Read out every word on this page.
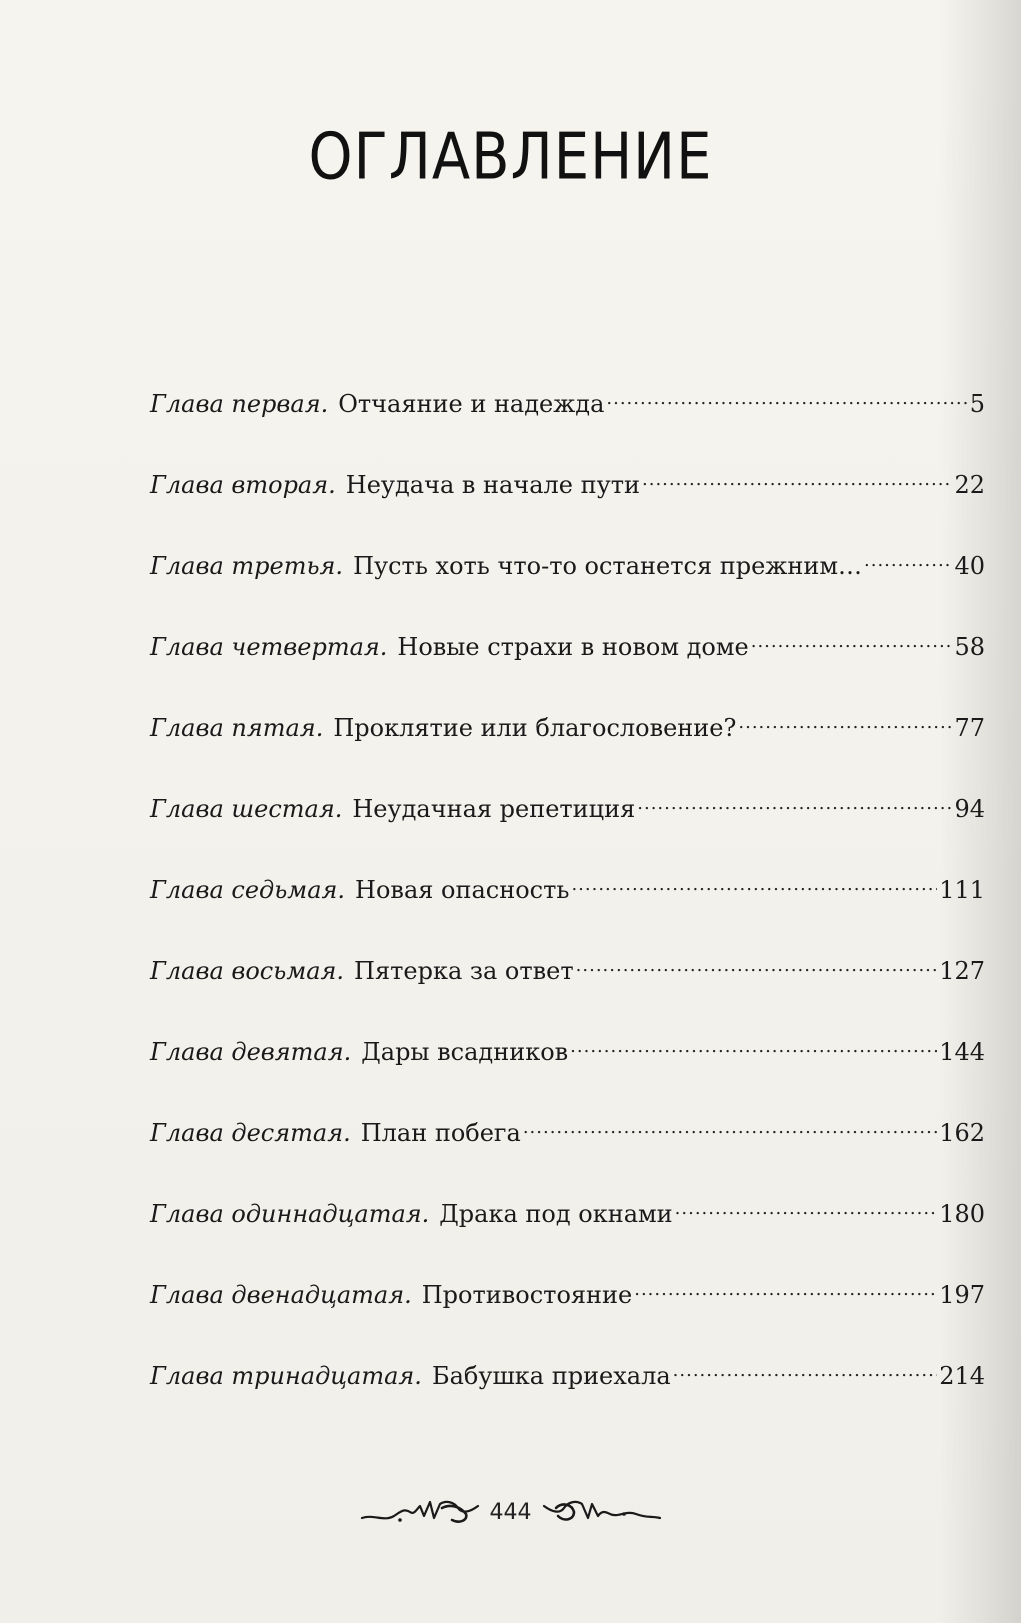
ОГЛАВЛЕНИЕ
Глава первая. Отчаяние и надежда .....	5
Глава вторая. Неудача в начале пути .....	22
Глава третья. Пусть хоть что-то останется прежним… .....	40
Глава четвертая. Новые страхи в новом доме .....	58
Глава пятая. Проклятие или благословение? .....	77
Глава шестая. Неудачная репетиция .....	94
Глава седьмая. Новая опасность .....	111
Глава восьмая. Пятерка за ответ .....	127
Глава девятая. Дары всадников .....	144
Глава десятая. План побега .....	162
Глава одиннадцатая. Драка под окнами .....	180
Глава двенадцатая. Противостояние .....	197
Глава тринадцатая. Бабушка приехала .....	214
444
